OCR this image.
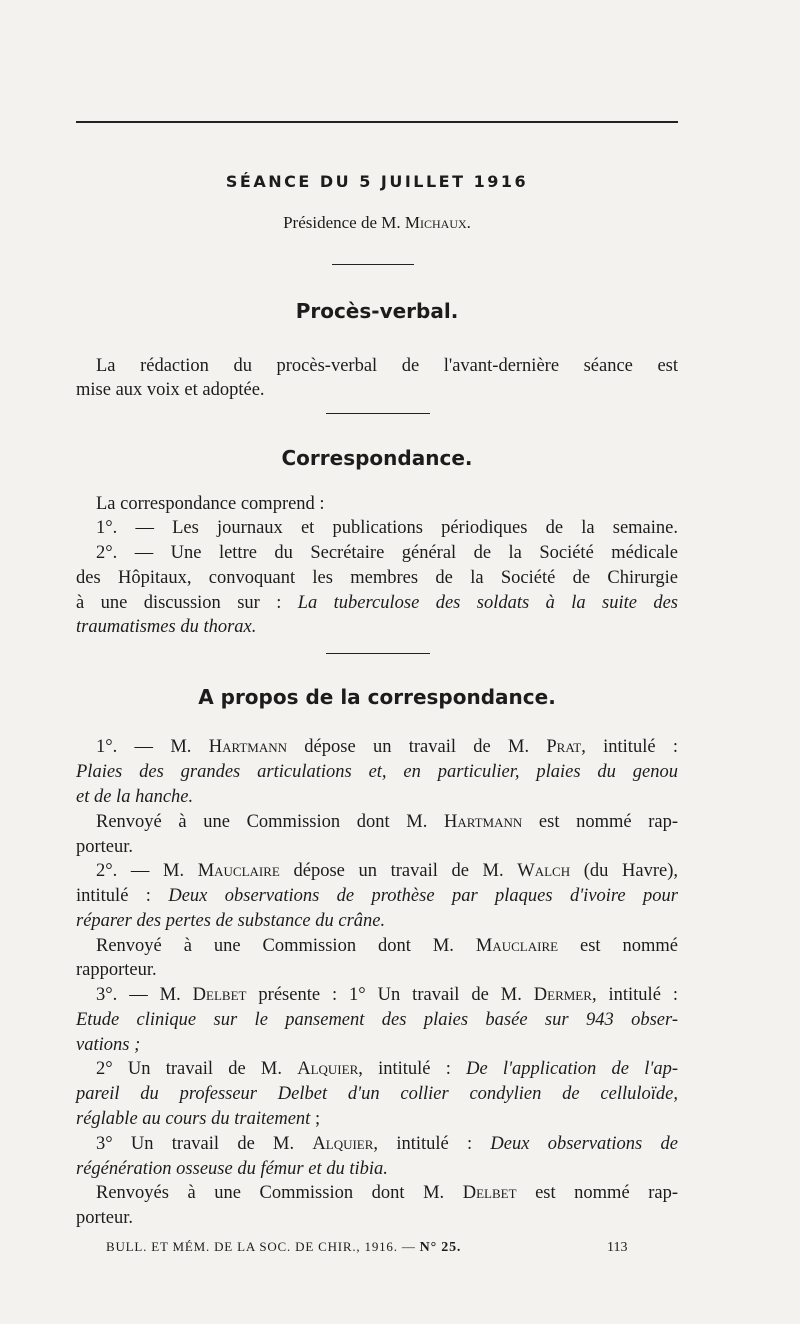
SÉANCE DU 5 JUILLET 1916
Présidence de M. Michaux.
Procès-verbal.
La rédaction du procès-verbal de l'avant-dernière séance est
mise aux voix et adoptée.
Correspondance.
La correspondance comprend :
1°. — Les journaux et publications périodiques de la semaine.
2°. — Une lettre du Secrétaire général de la Société médicale
des Hôpitaux, convoquant les membres de la Société de Chirurgie
à une discussion sur : La tuberculose des soldats à la suite des
traumatismes du thorax.
A propos de la correspondance.
1°. — M. Hartmann dépose un travail de M. Prat, intitulé :
Plaies des grandes articulations et, en particulier, plaies du genou
et de la hanche.
Renvoyé à une Commission dont M. Hartmann est nommé rap-
porteur.
2°. — M. Mauclaire dépose un travail de M. Walch (du Havre),
intitulé : Deux observations de prothèse par plaques d'ivoire pour
réparer des pertes de substance du crâne.
Renvoyé à une Commission dont M. Mauclaire est nommé
rapporteur.
3°. — M. Delbet présente : 1° Un travail de M. Dermer, intitulé :
Etude clinique sur le pansement des plaies basée sur 943 obser-
vations ;
2° Un travail de M. Alquier, intitulé : De l'application de l'ap-
pareil du professeur Delbet d'un collier condylien de celluloïde,
réglable au cours du traitement ;
3° Un travail de M. Alquier, intitulé : Deux observations de
régénération osseuse du fémur et du tibia.
Renvoyés à une Commission dont M. Delbet est nommé rap-
porteur.
BULL. ET MÉM. DE LA SOC. DE CHIR., 1916. — N° 25.	113
